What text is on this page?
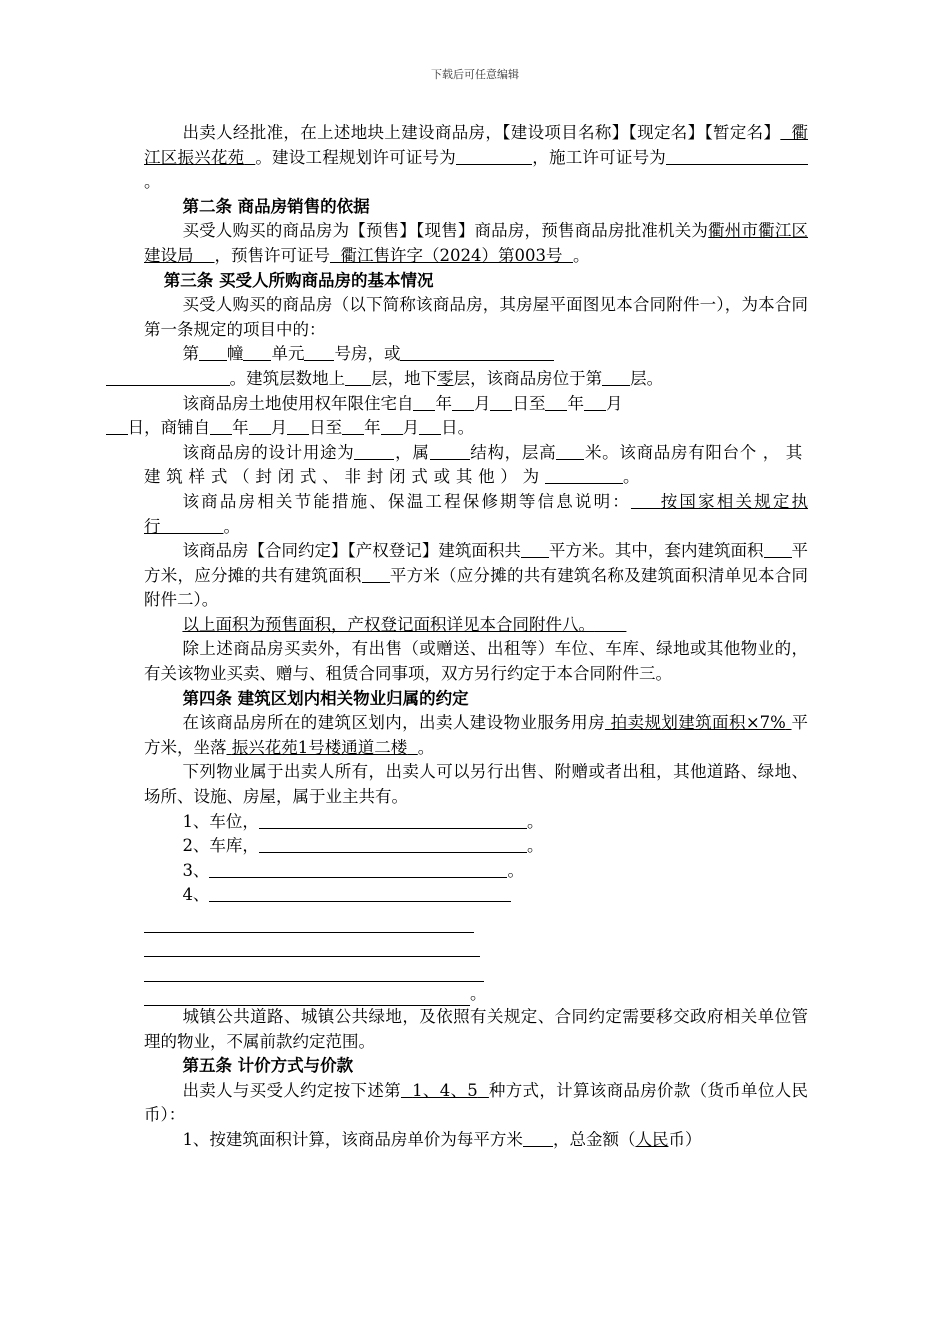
下载后可任意编辑

出卖人经批准，在上述地块上建设商品房，【建设项目名称】【现定名】【暂定名】 衢江区振兴花苑 。建设工程规划许可证号为	，施工许可证号为。

第二条 商品房销售的依据

买受人购买的商品房为【预售】【现售】商品房，预售商品房批准机关为衢州市衢江区建设局 ，预售许可证号 衢江售许字（2024）第003号 。

第三条 买受人所购商品房的基本情况

买受人购买的商品房（以下简称该商品房，其房屋平面图见本合同附件一），为本合同第一条规定的项目中的：

第 幢 单元 号房，或
。建筑层数地上 层，地下零层，该商品房位于第 层。

该商品房土地使用权年限住宅自 年 月 日至 年 月
日，商铺自 年 月 日至 年 月 日。

该商品房的设计用途为 ，属 结构，层高 米。该商品房有阳台个，其建筑样式（封闭式、非封闭式或其他）为	。

该商品房相关节能措施、保温工程保修期等信息说明： 按国家相关规定执行	。

该商品房【合同约定】【产权登记】建筑面积共 平方米。其中，套内建筑面积 平方米，应分摊的共有建筑面积 平方米（应分摊的共有建筑名称及建筑面积清单见本合同附件二）。

以上面积为预售面积，产权登记面积详见本合同附件八。

除上述商品房买卖外，有出售（或赠送、出租等）车位、车库、绿地或其他物业的，有关该物业买卖、赠与、租赁合同事项，双方另行约定于本合同附件三。

第四条 建筑区划内相关物业归属的约定

在该商品房所在的建筑区划内，出卖人建设物业服务用房 拍卖规划建筑面积×7% 平方米，坐落 振兴花苑1号楼通道二楼 。

下列物业属于出卖人所有，出卖人可以另行出售、附赠或者出租，其他道路、绿地、场所、设施、房屋，属于业主共有。

1、车位，	。

2、车库，	。

3、	。

4、

。

城镇公共道路、城镇公共绿地，及依照有关规定、合同约定需要移交政府相关单位管理的物业，不属前款约定范围。

第五条 计价方式与价款

出卖人与买受人约定按下述第 1、4、5 种方式，计算该商品房价款（货币单位人民币）：

1、按建筑面积计算，该商品房单价为每平方米 ，总金额（人民币）
